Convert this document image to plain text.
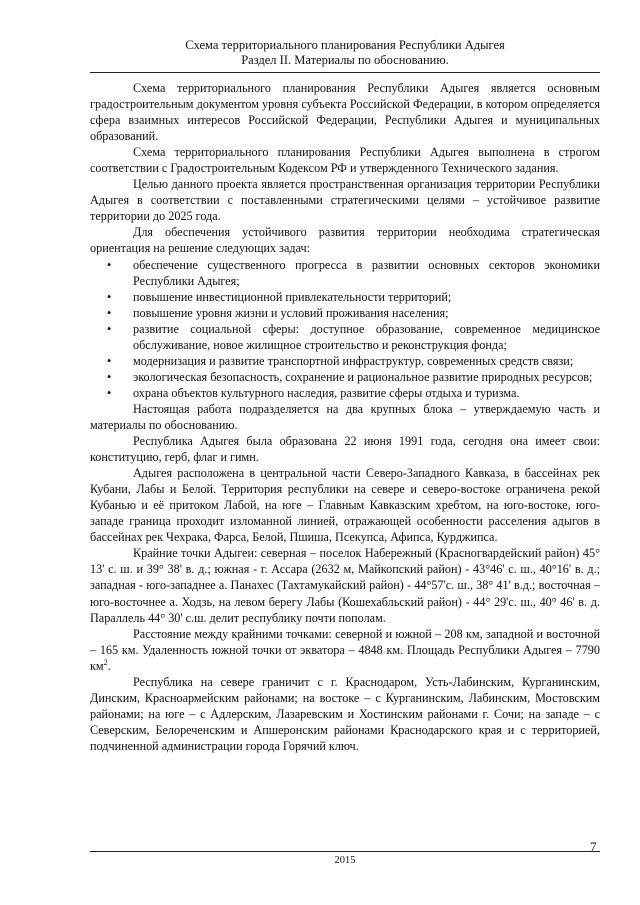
Схема территориального планирования Республики Адыгея
Раздел II. Материалы по обоснованию.

Схема территориального планирования Республики Адыгея является основным градостроительным документом уровня субъекта Российской Федерации, в котором определяется сфера взаимных интересов Российской Федерации, Республики Адыгея и муниципальных образований.

Схема территориального планирования Республики Адыгея выполнена в строгом соответствии с Градостроительным Кодексом РФ и утвержденного Технического задания.

Целью данного проекта является пространственная организация территории Республики Адыгея в соответствии с поставленными стратегическими целями – устойчивое развитие территории до 2025 года.

Для обеспечения устойчивого развития территории необходима стратегическая ориентация на решение следующих задач:

• обеспечение существенного прогресса в развитии основных секторов экономики Республики Адыгея;
• повышение инвестиционной привлекательности территорий;
• повышение уровня жизни и условий проживания населения;
• развитие социальной сферы: доступное образование, современное медицинское обслуживание, новое жилищное строительство и реконструкция фонда;
• модернизация и развитие транспортной инфраструктур, современных средств связи;
• экологическая безопасность, сохранение и рациональное развитие природных ресурсов;
• охрана объектов культурного наследия, развитие сферы отдыха и туризма.

Настоящая работа подразделяется на два крупных блока – утверждаемую часть и материалы по обоснованию.

Республика Адыгея была образована 22 июня 1991 года, сегодня она имеет свои: конституцию, герб, флаг и гимн.

Адыгея расположена в центральной части Северо-Западного Кавказа, в бассейнах рек Кубани, Лабы и Белой. Территория республики на севере и северо-востоке ограничена рекой Кубанью и её притоком Лабой, на юге – Главным Кавказским хребтом, на юго-востоке, юго-западе граница проходит изломанной линией, отражающей особенности расселения адыгов в бассейнах рек Чехрака, Фарса, Белой, Пшиша, Псекупса, Афипса, Курджипса.

Крайние точки Адыгеи: северная – поселок Набережный (Красногвардейский район) 45° 13' с. ш. и 39° 38' в. д.; южная - г. Ассара (2632 м, Майкопский район) - 43°46' с. ш., 40°16' в. д.; западная - юго-западнее а. Панахес (Тахтамукайский район) - 44°57'с. ш., 38° 41' в.д.; восточная – юго-восточнее а. Ходзь, на левом берегу Лабы (Кошехабльский район) - 44° 29'с. ш., 40° 46' в. д. Параллель 44° 30' с.ш. делит республику почти пополам.

Расстояние между крайними точками: северной и южной – 208 км, западной и восточной – 165 км. Удаленность южной точки от экватора – 4848 км. Площадь Республики Адыгея – 7790 $км^2$.

Республика на севере граничит с г. Краснодаром, Усть-Лабинским, Курганинским, Динским, Красноармейским районами; на востоке – с Курганинским, Лабинским, Мостовским районами; на юге – с Адлерским, Лазаревским и Хостинским районами г. Сочи; на западе – с Северским, Белореченским и Апшеронским районами Краснодарского края и с территорией, подчиненной администрации города Горячий ключ.

7
2015
